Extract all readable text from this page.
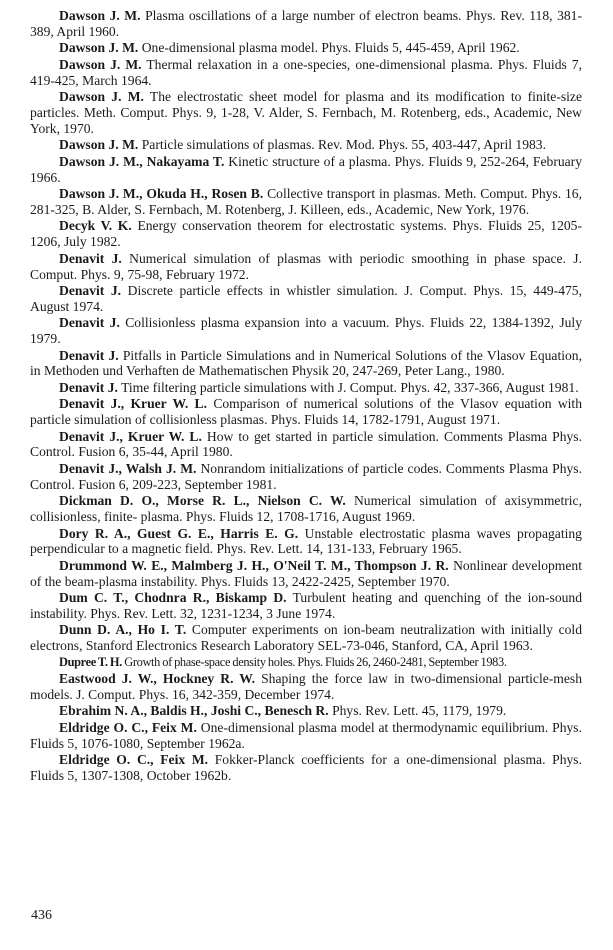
Dawson J. M. Plasma oscillations of a large number of electron beams. Phys. Rev. 118, 381-389, April 1960.

Dawson J. M. One-dimensional plasma model. Phys. Fluids 5, 445-459, April 1962.

Dawson J. M. Thermal relaxation in a one-species, one-dimensional plasma. Phys. Fluids 7, 419-425, March 1964.

Dawson J. M. The electrostatic sheet model for plasma and its modification to finite-size particles. Meth. Comput. Phys. 9, 1-28, V. Alder, S. Fernbach, M. Rotenberg, eds., Academic, New York, 1970.

Dawson J. M. Particle simulations of plasmas. Rev. Mod. Phys. 55, 403-447, April 1983.

Dawson J. M., Nakayama T. Kinetic structure of a plasma. Phys. Fluids 9, 252-264, February 1966.

Dawson J. M., Okuda H., Rosen B. Collective transport in plasmas. Meth. Comput. Phys. 16, 281-325, B. Alder, S. Fernbach, M. Rotenberg, J. Killeen, eds., Academic, New York, 1976.

Decyk V. K. Energy conservation theorem for electrostatic systems. Phys. Fluids 25, 1205-1206, July 1982.

Denavit J. Numerical simulation of plasmas with periodic smoothing in phase space. J. Comput. Phys. 9, 75-98, February 1972.

Denavit J. Discrete particle effects in whistler simulation. J. Comput. Phys. 15, 449-475, August 1974.

Denavit J. Collisionless plasma expansion into a vacuum. Phys. Fluids 22, 1384-1392, July 1979.

Denavit J. Pitfalls in Particle Simulations and in Numerical Solutions of the Vlasov Equation, in Methoden und Verhaften de Mathematischen Physik 20, 247-269, Peter Lang., 1980.

Denavit J. Time filtering particle simulations with J. Comput. Phys. 42, 337-366, August 1981.

Denavit J., Kruer W. L. Comparison of numerical solutions of the Vlasov equation with particle simulation of collisionless plasmas. Phys. Fluids 14, 1782-1791, August 1971.

Denavit J., Kruer W. L. How to get started in particle simulation. Comments Plasma Phys. Control. Fusion 6, 35-44, April 1980.

Denavit J., Walsh J. M. Nonrandom initializations of particle codes. Comments Plasma Phys. Control. Fusion 6, 209-223, September 1981.

Dickman D. O., Morse R. L., Nielson C. W. Numerical simulation of axisymmetric, collisionless, finite- plasma. Phys. Fluids 12, 1708-1716, August 1969.

Dory R. A., Guest G. E., Harris E. G. Unstable electrostatic plasma waves propagating perpendicular to a magnetic field. Phys. Rev. Lett. 14, 131-133, February 1965.

Drummond W. E., Malmberg J. H., O'Neil T. M., Thompson J. R. Nonlinear development of the beam-plasma instability. Phys. Fluids 13, 2422-2425, September 1970.

Dum C. T., Chodnra R., Biskamp D. Turbulent heating and quenching of the ion-sound instability. Phys. Rev. Lett. 32, 1231-1234, 3 June 1974.

Dunn D. A., Ho I. T. Computer experiments on ion-beam neutralization with initially cold electrons, Stanford Electronics Research Laboratory SEL-73-046, Stanford, CA, April 1963.

Dupree T. H. Growth of phase-space density holes. Phys. Fluids 26, 2460-2481, September 1983.

Eastwood J. W., Hockney R. W. Shaping the force law in two-dimensional particle-mesh models. J. Comput. Phys. 16, 342-359, December 1974.

Ebrahim N. A., Baldis H., Joshi C., Benesch R. Phys. Rev. Lett. 45, 1179, 1979.

Eldridge O. C., Feix M. One-dimensional plasma model at thermodynamic equilibrium. Phys. Fluids 5, 1076-1080, September 1962a.

Eldridge O. C., Feix M. Fokker-Planck coefficients for a one-dimensional plasma. Phys. Fluids 5, 1307-1308, October 1962b.

436
